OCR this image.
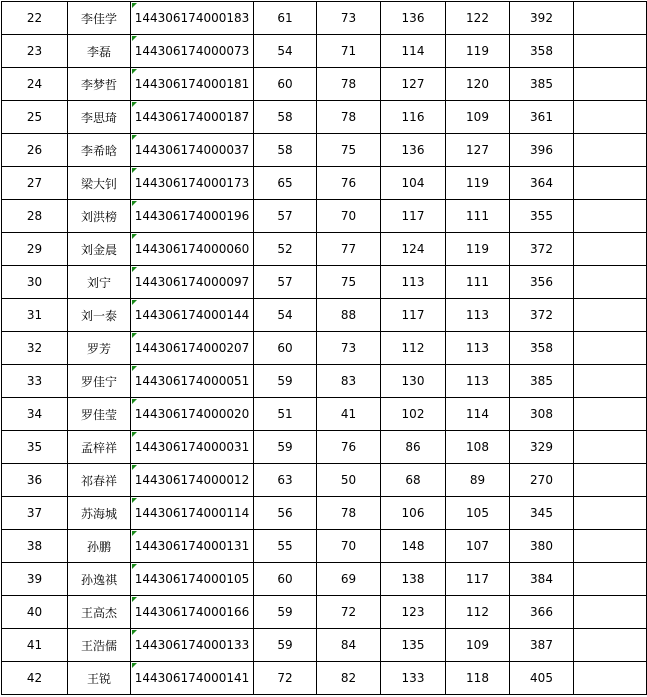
22	李佳学	144306174000183	61	73	136	122	392	
23	李磊	144306174000073	54	71	114	119	358	
24	李梦哲	144306174000181	60	78	127	120	385	
25	李思琦	144306174000187	58	78	116	109	361	
26	李希晗	144306174000037	58	75	136	127	396	
27	梁大钊	144306174000173	65	76	104	119	364	
28	刘洪榜	144306174000196	57	70	117	111	355	
29	刘金晨	144306174000060	52	77	124	119	372	
30	刘宁	144306174000097	57	75	113	111	356	
31	刘一泰	144306174000144	54	88	117	113	372	
32	罗芳	144306174000207	60	73	112	113	358	
33	罗佳宁	144306174000051	59	83	130	113	385	
34	罗佳莹	144306174000020	51	41	102	114	308	
35	孟梓祥	144306174000031	59	76	86	108	329	
36	祁春祥	144306174000012	63	50	68	89	270	
37	苏海城	144306174000114	56	78	106	105	345	
38	孙鹏	144306174000131	55	70	148	107	380	
39	孙逸祺	144306174000105	60	69	138	117	384	
40	王高杰	144306174000166	59	72	123	112	366	
41	王浩儒	144306174000133	59	84	135	109	387	
42	王锐	144306174000141	72	82	133	118	405	
